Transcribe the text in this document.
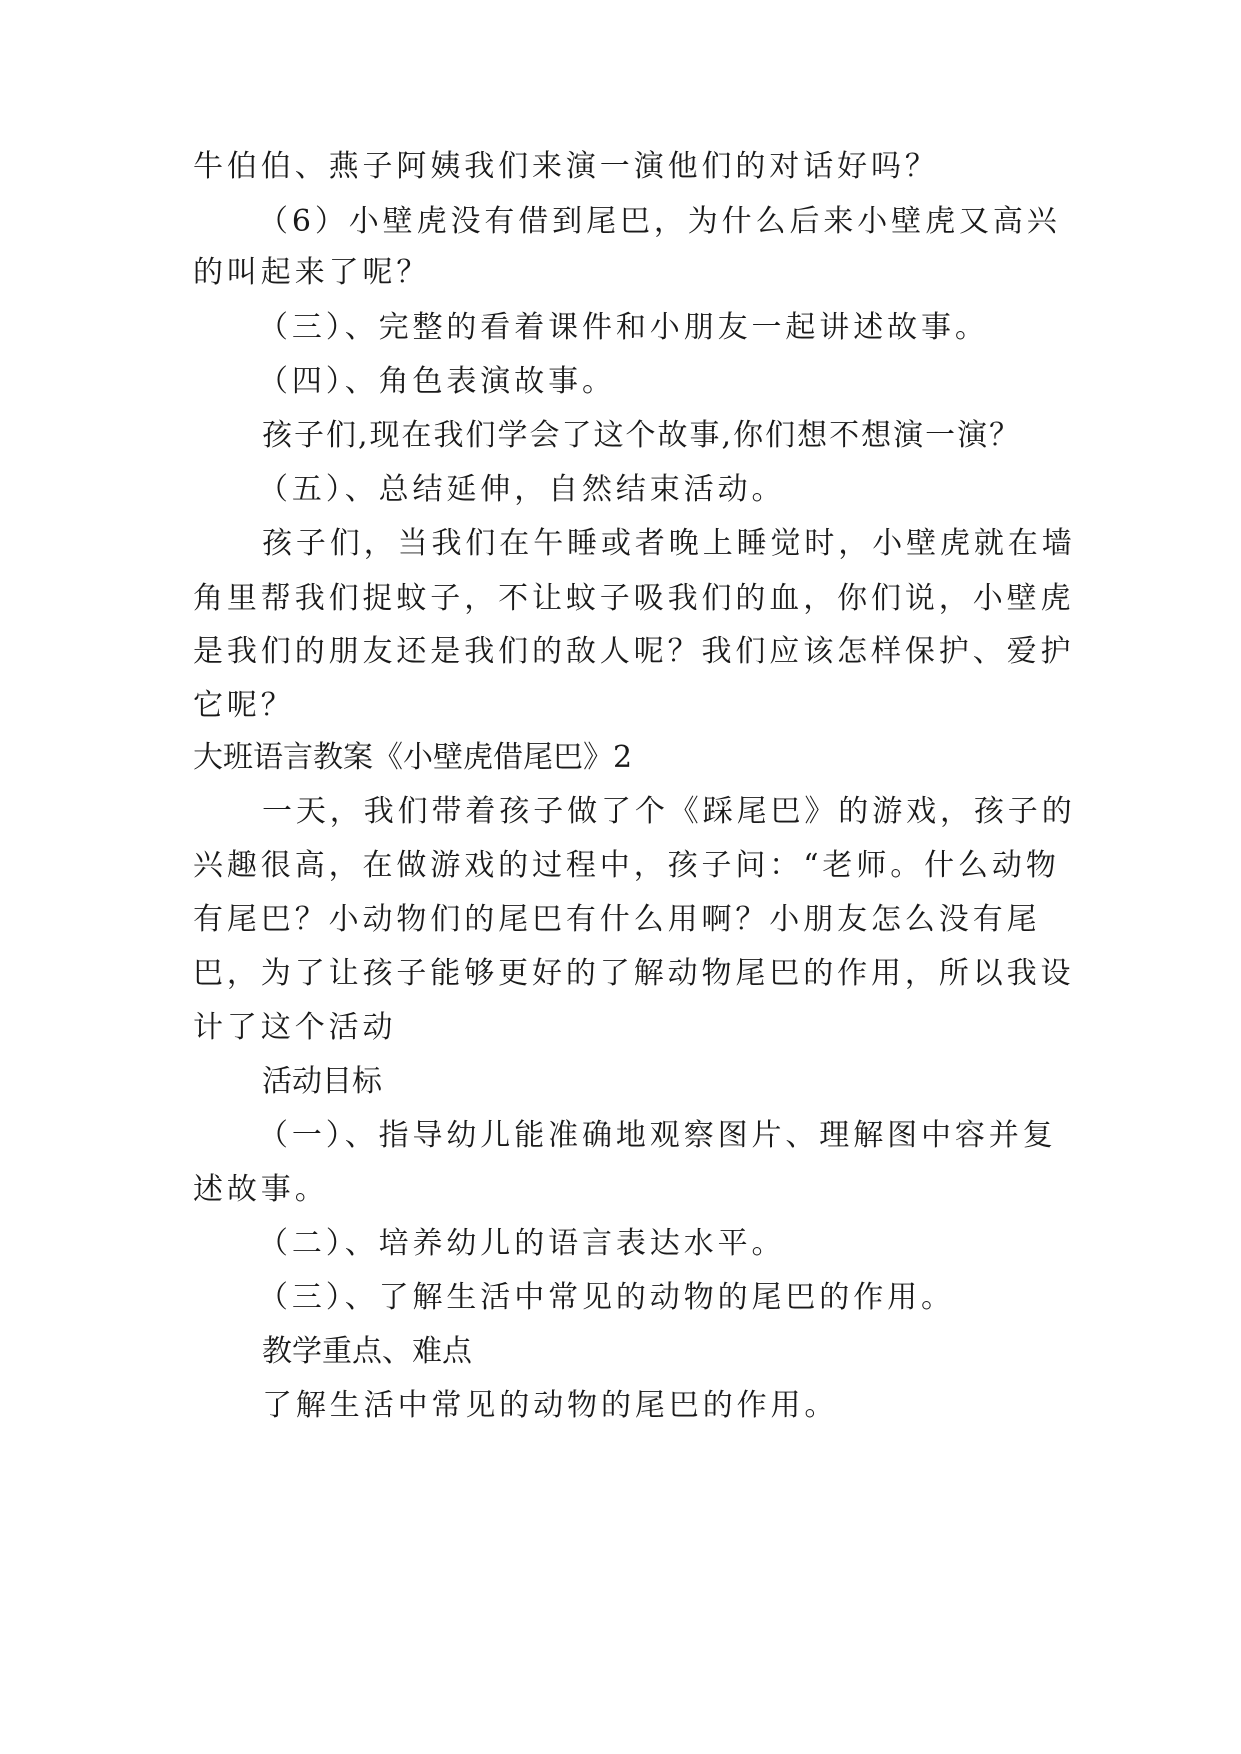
牛伯伯、燕子阿姨我们来演一演他们的对话好吗？
（6）小壁虎没有借到尾巴，为什么后来小壁虎又高兴
的叫起来了呢？
（三）、完整的看着课件和小朋友一起讲述故事。
（四）、角色表演故事。
孩子们,现在我们学会了这个故事,你们想不想演一演？
（五）、总结延伸，自然结束活动。
孩子们，当我们在午睡或者晚上睡觉时，小壁虎就在墙
角里帮我们捉蚊子，不让蚊子吸我们的血，你们说，小壁虎
是我们的朋友还是我们的敌人呢？我们应该怎样保护、爱护
它呢？
大班语言教案《小壁虎借尾巴》2
一天，我们带着孩子做了个《踩尾巴》的游戏，孩子的
兴趣很高，在做游戏的过程中，孩子问：“老师。什么动物
有尾巴？小动物们的尾巴有什么用啊？小朋友怎么没有尾
巴，为了让孩子能够更好的了解动物尾巴的作用，所以我设
计了这个活动
活动目标
（一）、指导幼儿能准确地观察图片、理解图中容并复
述故事。
（二）、培养幼儿的语言表达水平。
（三）、了解生活中常见的动物的尾巴的作用。
教学重点、难点
了解生活中常见的动物的尾巴的作用。
